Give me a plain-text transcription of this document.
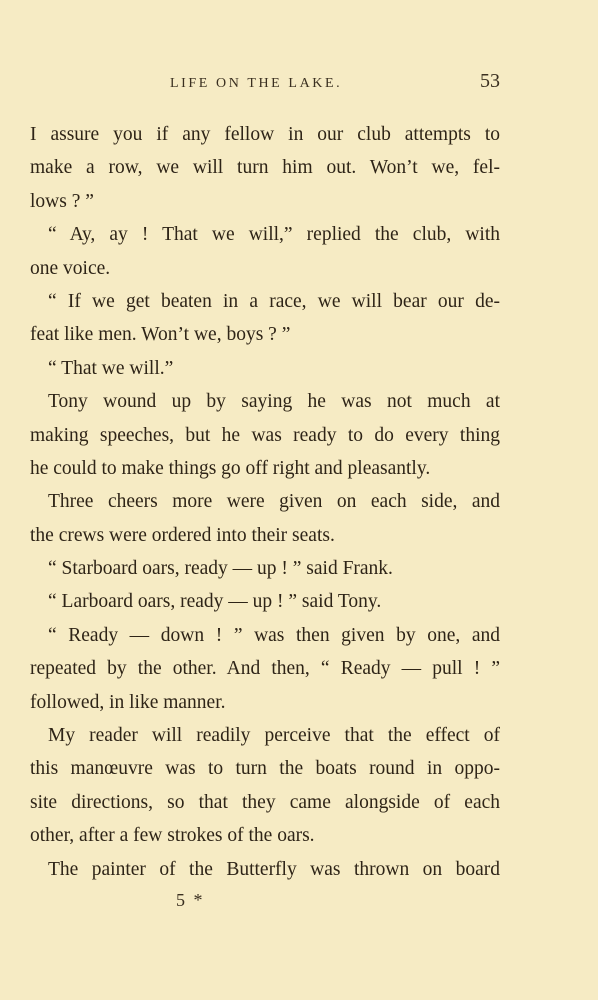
LIFE ON THE LAKE.	53
I assure you if any fellow in our club attempts to
make a row, we will turn him out. Won’t we, fel-
lows ? ”
“ Ay, ay ! That we will,” replied the club, with
one voice.
“ If we get beaten in a race, we will bear our de-
feat like men. Won’t we, boys ? ”
“ That we will.”
Tony wound up by saying he was not much at
making speeches, but he was ready to do every thing
he could to make things go off right and pleasantly.
Three cheers more were given on each side, and
the crews were ordered into their seats.
“ Starboard oars, ready — up ! ” said Frank.
“ Larboard oars, ready — up ! ” said Tony.
“ Ready — down ! ” was then given by one, and
repeated by the other. And then, “ Ready — pull ! ”
followed, in like manner.
My reader will readily perceive that the effect of
this manœuvre was to turn the boats round in oppo-
site directions, so that they came alongside of each
other, after a few strokes of the oars.
The painter of the Butterfly was thrown on board
5 *
